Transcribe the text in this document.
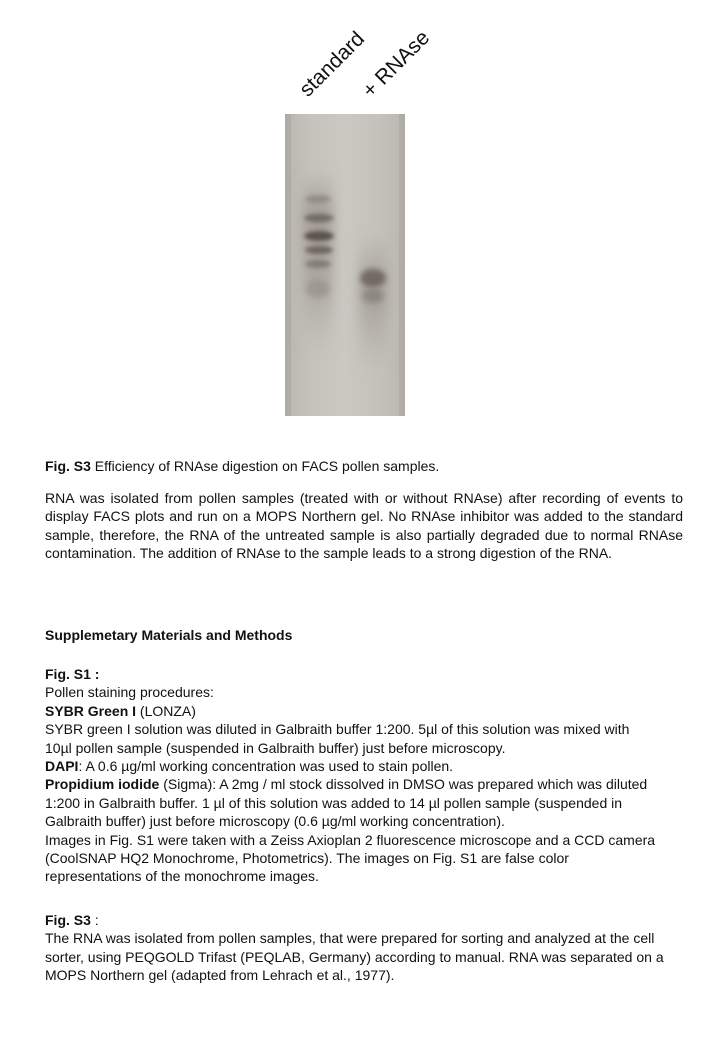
standard
+ RNAse
Fig. S3 Efficiency of RNAse digestion on FACS pollen samples.
RNA was isolated from pollen samples (treated with or without RNAse) after recording of events to display FACS plots and run on a MOPS Northern gel. No RNAse inhibitor was added to the standard sample, therefore, the RNA of the untreated sample is also partially degraded due to normal RNAse contamination. The addition of RNAse to the sample leads to a strong digestion of the RNA.
Supplemetary Materials and Methods
Fig. S1 :
Pollen staining procedures:
SYBR Green I (LONZA)
SYBR green I solution was diluted in Galbraith buffer 1:200. 5µl of this solution was mixed with
10µl pollen sample (suspended in Galbraith buffer) just before microscopy.
DAPI: A 0.6 µg/ml working concentration was used to stain pollen.
Propidium iodide (Sigma): A 2mg / ml stock dissolved in DMSO was prepared which was diluted
1:200 in Galbraith buffer. 1 µl of this solution was added to 14 µl pollen sample (suspended in
Galbraith buffer) just before microscopy (0.6 µg/ml working concentration).
Images in Fig. S1 were taken with a Zeiss Axioplan 2 fluorescence microscope and a CCD camera
(CoolSNAP HQ2 Monochrome, Photometrics). The images on Fig. S1 are false color
representations of the monochrome images.
Fig. S3 :
The RNA was isolated from pollen samples, that were prepared for sorting and analyzed at the cell
sorter, using PEQGOLD Trifast (PEQLAB, Germany) according to manual. RNA was separated on a
MOPS Northern gel (adapted from Lehrach et al., 1977).
